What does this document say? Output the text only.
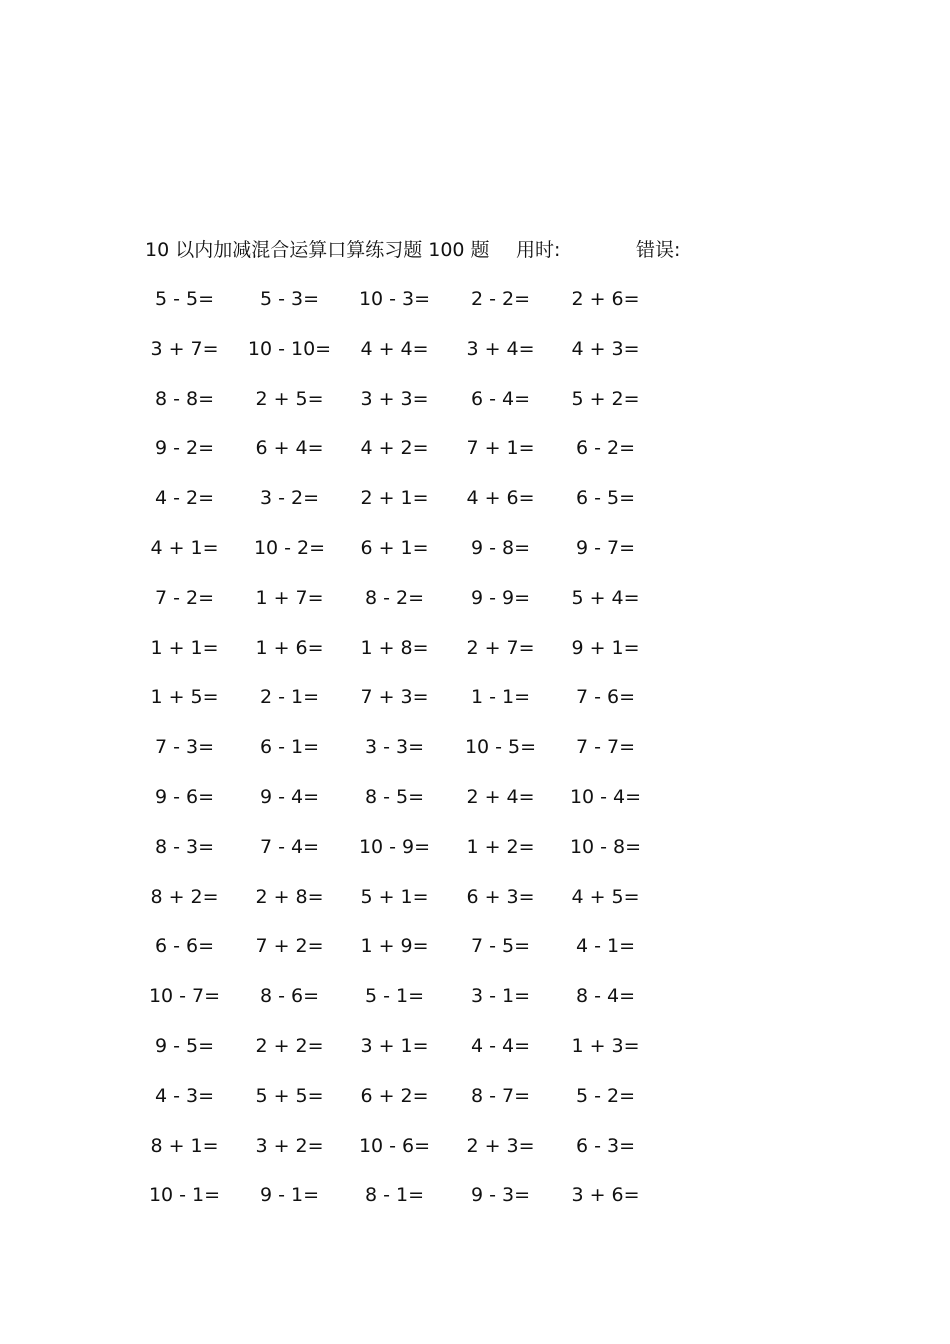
10 以内加减混合运算口算练习题 100 题 用时:	错误:
5 - 5=	5 - 3=	10 - 3=	2 - 2=	2 + 6=
3 + 7=	10 - 10=	4 + 4=	3 + 4=	4 + 3=
8 - 8=	2 + 5=	3 + 3=	6 - 4=	5 + 2=
9 - 2=	6 + 4=	4 + 2=	7 + 1=	6 - 2=
4 - 2=	3 - 2=	2 + 1=	4 + 6=	6 - 5=
4 + 1=	10 - 2=	6 + 1=	9 - 8=	9 - 7=
7 - 2=	1 + 7=	8 - 2=	9 - 9=	5 + 4=
1 + 1=	1 + 6=	1 + 8=	2 + 7=	9 + 1=
1 + 5=	2 - 1=	7 + 3=	1 - 1=	7 - 6=
7 - 3=	6 - 1=	3 - 3=	10 - 5=	7 - 7=
9 - 6=	9 - 4=	8 - 5=	2 + 4=	10 - 4=
8 - 3=	7 - 4=	10 - 9=	1 + 2=	10 - 8=
8 + 2=	2 + 8=	5 + 1=	6 + 3=	4 + 5=
6 - 6=	7 + 2=	1 + 9=	7 - 5=	4 - 1=
10 - 7=	8 - 6=	5 - 1=	3 - 1=	8 - 4=
9 - 5=	2 + 2=	3 + 1=	4 - 4=	1 + 3=
4 - 3=	5 + 5=	6 + 2=	8 - 7=	5 - 2=
8 + 1=	3 + 2=	10 - 6=	2 + 3=	6 - 3=
10 - 1=	9 - 1=	8 - 1=	9 - 3=	3 + 6=
